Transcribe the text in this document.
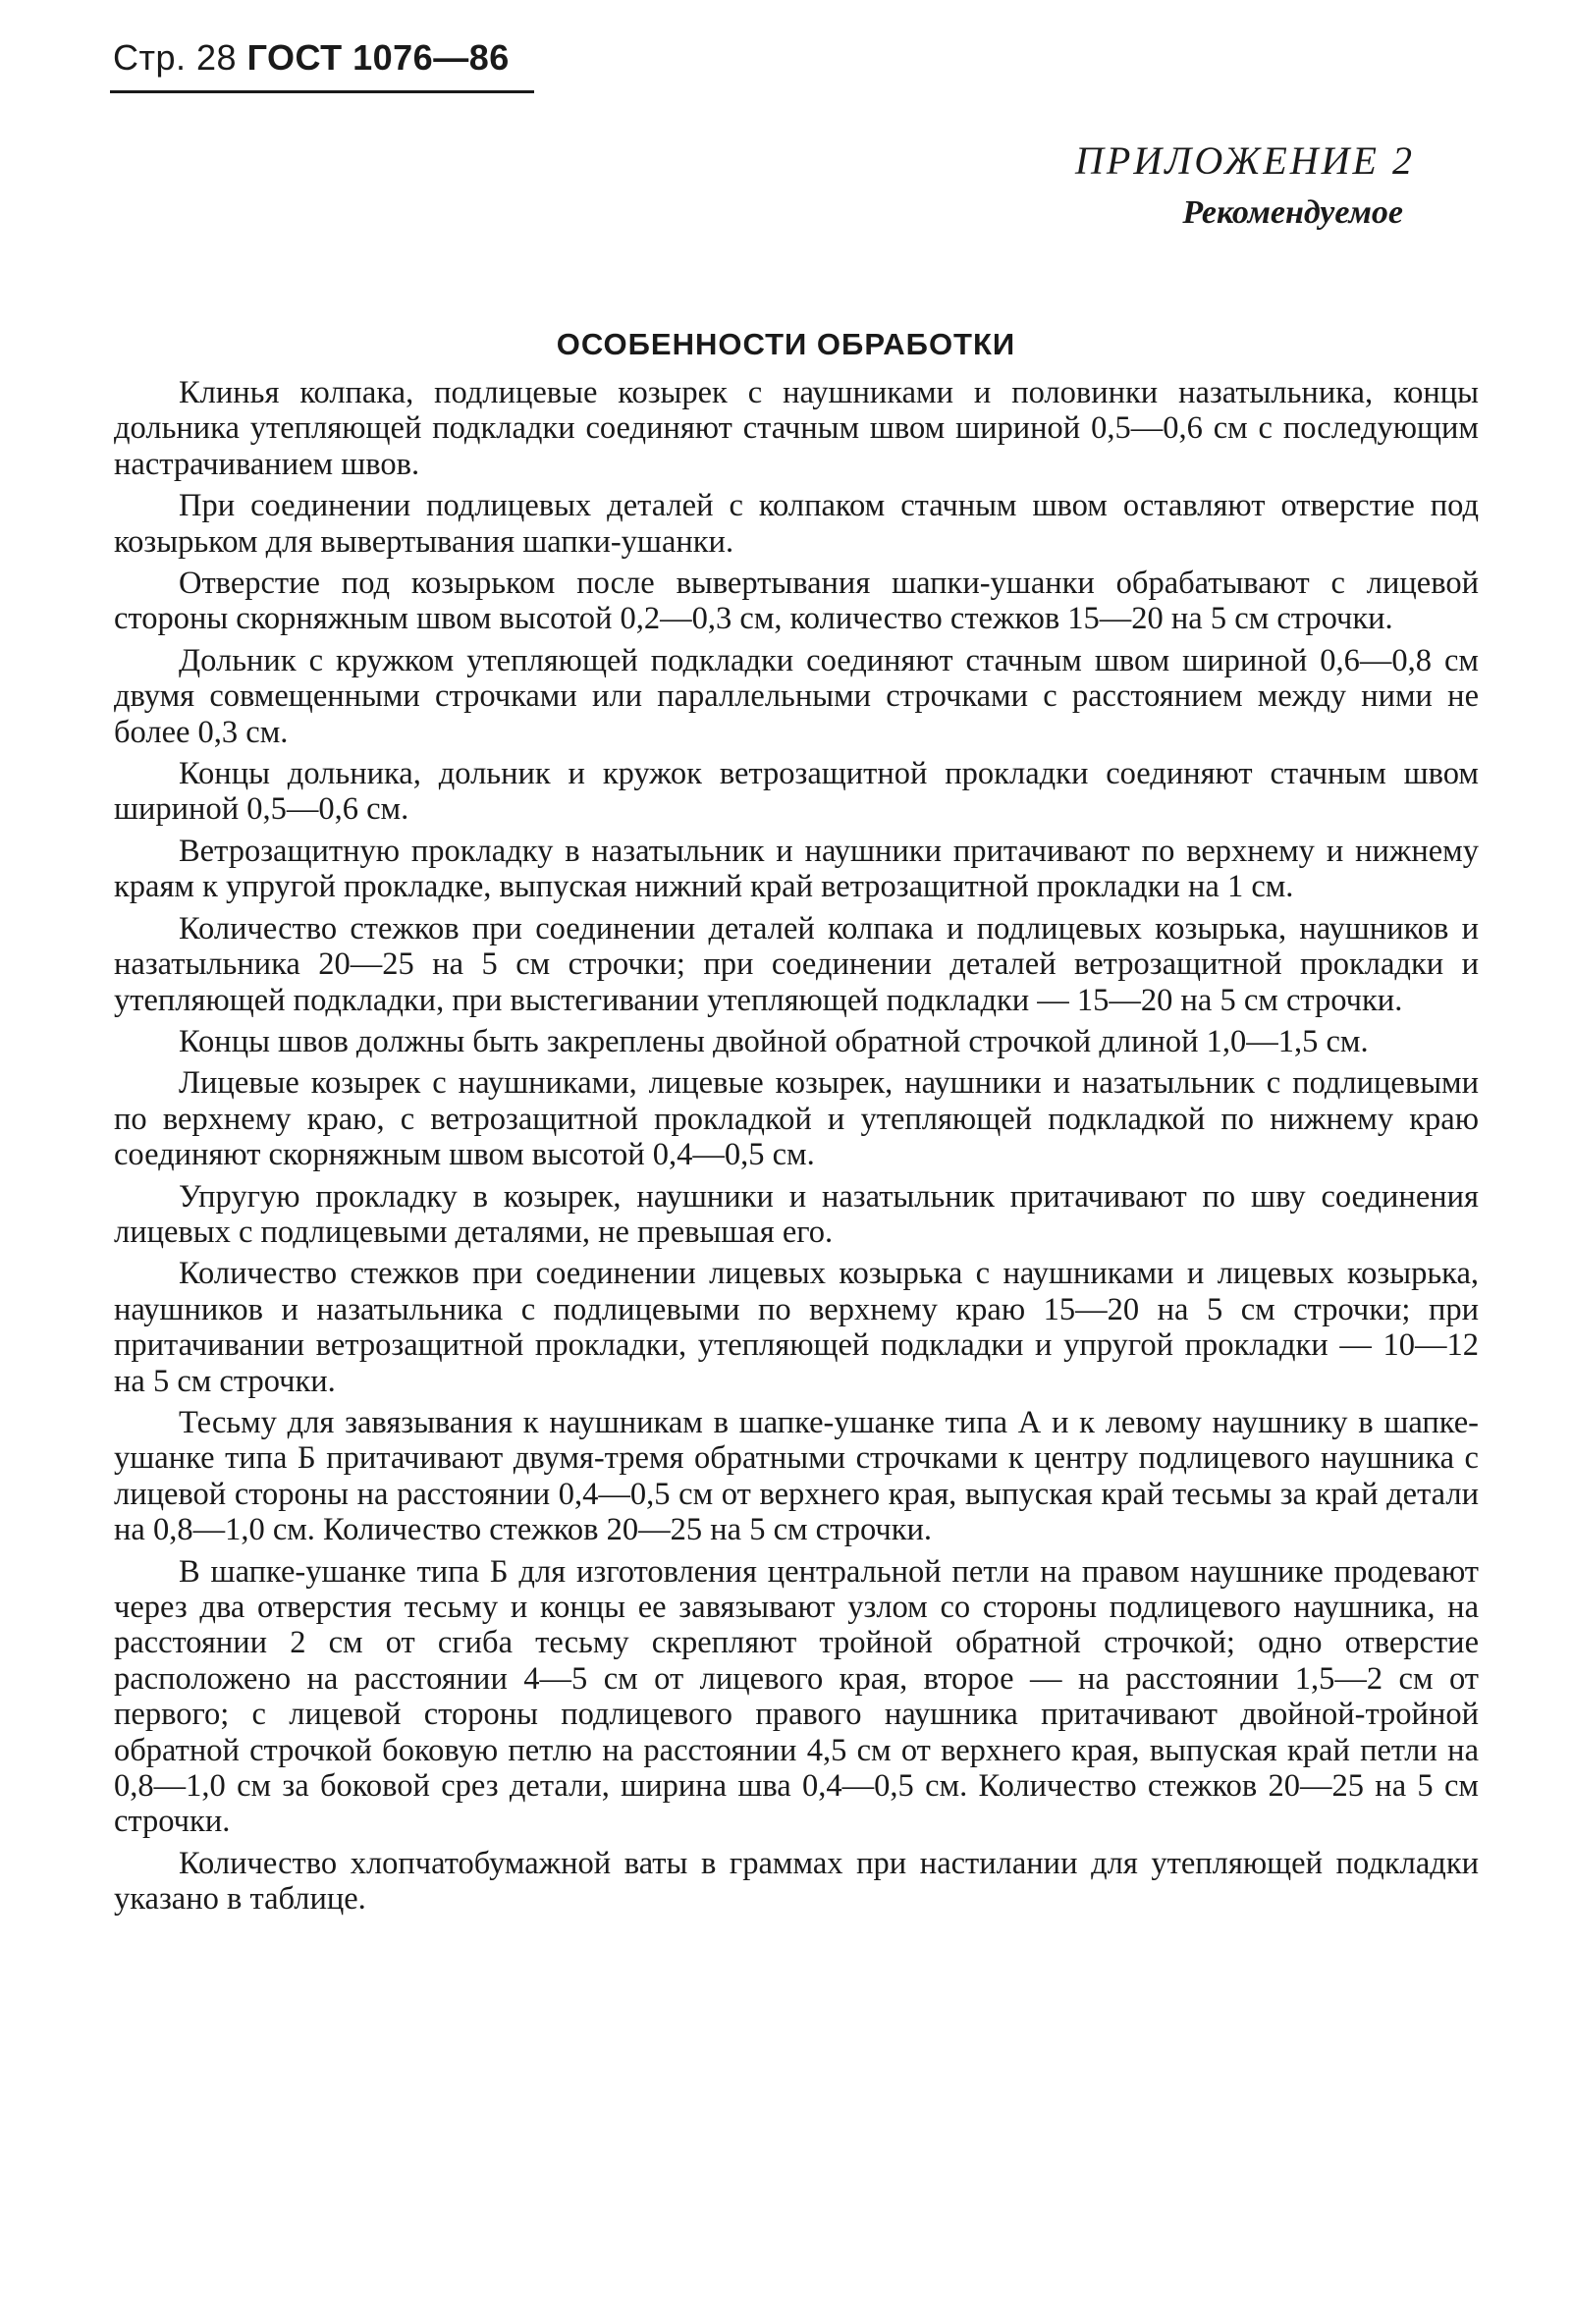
Стр. 28 ГОСТ 1076—86
ПРИЛОЖЕНИЕ 2
Рекомендуемое
ОСОБЕННОСТИ ОБРАБОТКИ

Клинья колпака, подлицевые козырек с наушниками и половинки назатыльника, концы дольника утепляющей подкладки соединяют стачным швом шириной 0,5—0,6 см с последующим настрачиванием швов.

При соединении подлицевых деталей с колпаком стачным швом оставляют отверстие под козырьком для вывертывания шапки-ушанки.

Отверстие под козырьком после вывертывания шапки-ушанки обрабатывают с лицевой стороны скорняжным швом высотой 0,2—0,3 см, количество стежков 15—20 на 5 см строчки.

Дольник с кружком утепляющей подкладки соединяют стачным швом шириной 0,6—0,8 см двумя совмещенными строчками или параллельными строчками с расстоянием между ними не более 0,3 см.

Концы дольника, дольник и кружок ветрозащитной прокладки соединяют стачным швом шириной 0,5—0,6 см.

Ветрозащитную прокладку в назатыльник и наушники притачивают по верхнему и нижнему краям к упругой прокладке, выпуская нижний край ветрозащитной прокладки на 1 см.

Количество стежков при соединении деталей колпака и подлицевых козырька, наушников и назатыльника 20—25 на 5 см строчки; при соединении деталей ветрозащитной прокладки и утепляющей подкладки, при выстегивании утепляющей подкладки — 15—20 на 5 см строчки.

Концы швов должны быть закреплены двойной обратной строчкой длиной 1,0—1,5 см.

Лицевые козырек с наушниками, лицевые козырек, наушники и назатыльник с подлицевыми по верхнему краю, с ветрозащитной прокладкой и утепляющей подкладкой по нижнему краю соединяют скорняжным швом высотой 0,4—0,5 см.

Упругую прокладку в козырек, наушники и назатыльник притачивают по шву соединения лицевых с подлицевыми деталями, не превышая его.

Количество стежков при соединении лицевых козырька с наушниками и лицевых козырька, наушников и назатыльника с подлицевыми по верхнему краю 15—20 на 5 см строчки; при притачивании ветрозащитной прокладки, утепляющей подкладки и упругой прокладки — 10—12 на 5 см строчки.

Тесьму для завязывания к наушникам в шапке-ушанке типа А и к левому наушнику в шапке-ушанке типа Б притачивают двумя-тремя обратными строчками к центру подлицевого наушника с лицевой стороны на расстоянии 0,4—0,5 см от верхнего края, выпуская край тесьмы за край детали на 0,8—1,0 см. Количество стежков 20—25 на 5 см строчки.

В шапке-ушанке типа Б для изготовления центральной петли на правом наушнике продевают через два отверстия тесьму и концы ее завязывают узлом со стороны подлицевого наушника, на расстоянии 2 см от сгиба тесьму скрепляют тройной обратной строчкой; одно отверстие расположено на расстоянии 4—5 см от лицевого края, второе — на расстоянии 1,5—2 см от первого; с лицевой стороны подлицевого правого наушника притачивают двойной-тройной обратной строчкой боковую петлю на расстоянии 4,5 см от верхнего края, выпуская край петли на 0,8—1,0 см за боковой срез детали, ширина шва 0,4—0,5 см. Количество стежков 20—25 на 5 см строчки.

Количество хлопчатобумажной ваты в граммах при настилании для утепляющей подкладки указано в таблице.
